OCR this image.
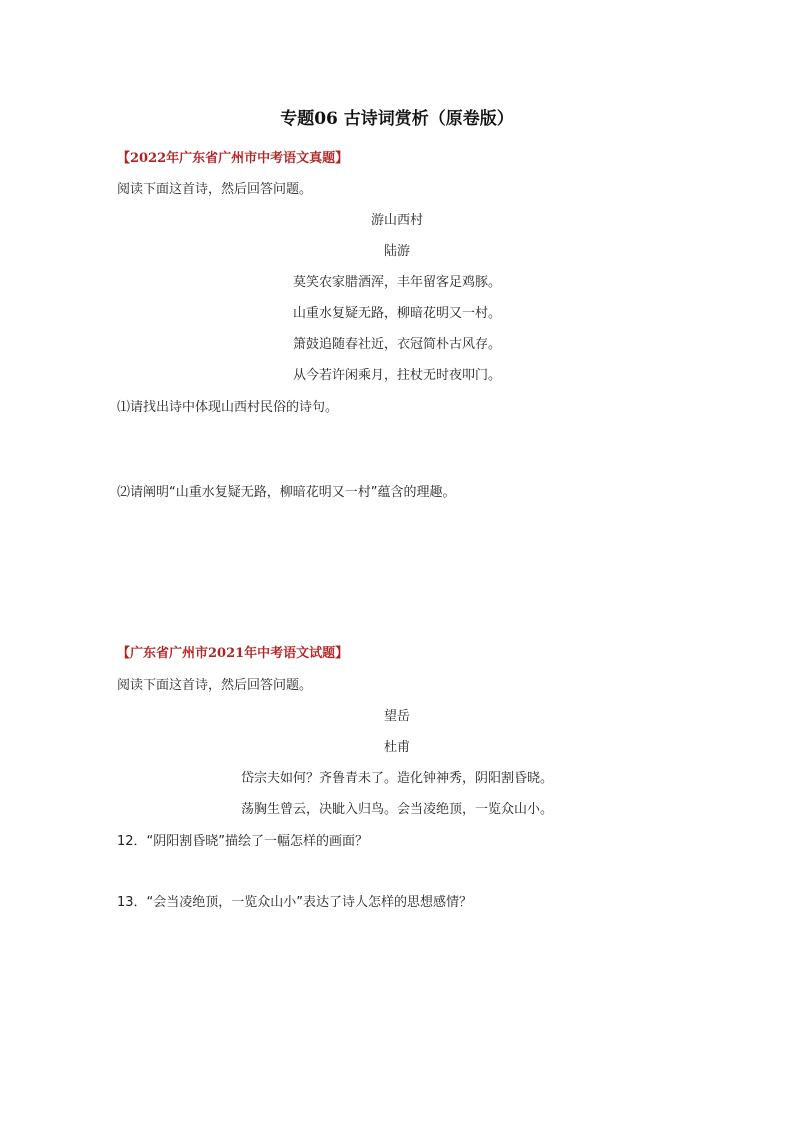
专题06 古诗词赏析（原卷版）
【2022年广东省广州市中考语文真题】
阅读下面这首诗，然后回答问题。
游山西村
陆游
莫笑农家腊酒浑，丰年留客足鸡豚。
山重水复疑无路，柳暗花明又一村。
箫鼓追随春社近，衣冠简朴古风存。
从今若许闲乘月，拄杖无时夜叩门。
⑴请找出诗中体现山西村民俗的诗句。
⑵请阐明“山重水复疑无路，柳暗花明又一村”蕴含的理趣。
【广东省广州市2021年中考语文试题】
阅读下面这首诗，然后回答问题。
望岳
杜甫
岱宗夫如何？齐鲁青未了。造化钟神秀，阴阳割昏晓。
荡胸生曾云，决眦入归鸟。会当凌绝顶，一览众山小。
12．“阴阳割昏晓”描绘了一幅怎样的画面？
13．“会当凌绝顶，一览众山小”表达了诗人怎样的思想感情？
